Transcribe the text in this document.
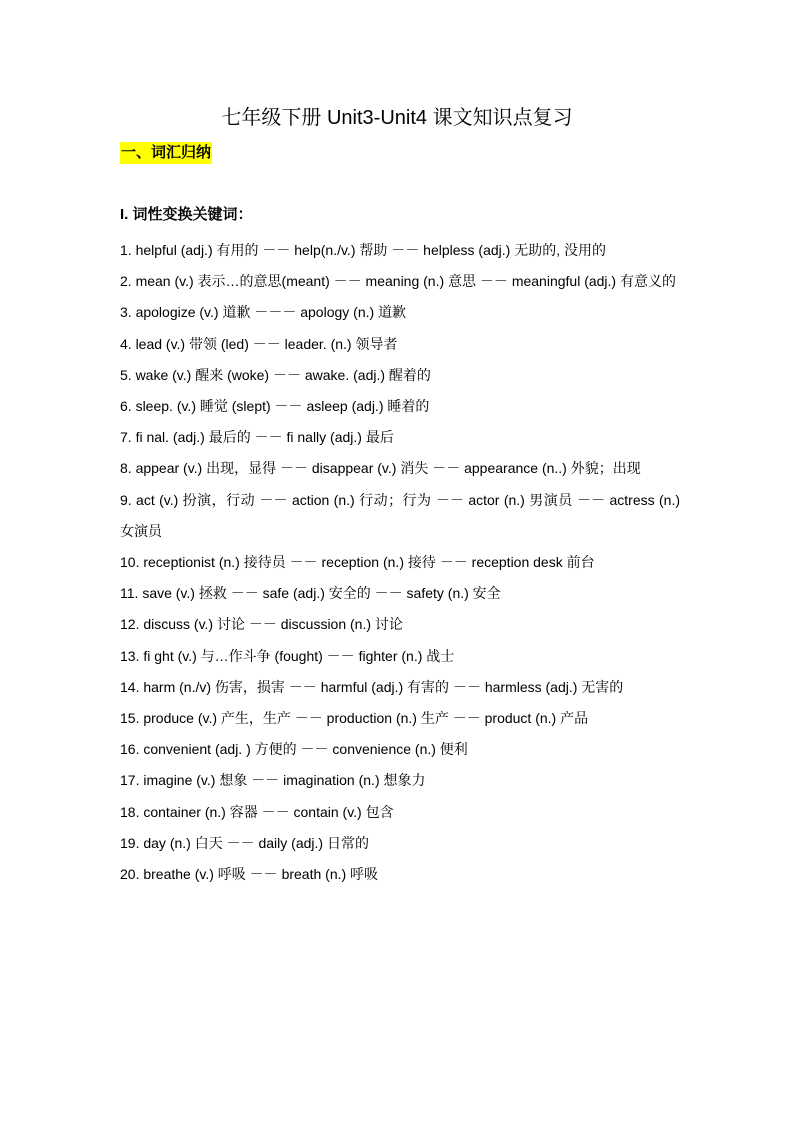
七年级下册 Unit3-Unit4 课文知识点复习
一、词汇归纳
I. 词性变换关键词：
1. helpful (adj.) 有用的 －－ help(n./v.) 帮助 －－ helpless (adj.) 无助的, 没用的
2. mean (v.) 表示…的意思(meant) －－ meaning (n.) 意思 －－ meaningful (adj.) 有意义的
3. apologize (v.) 道歉 －－－ apology (n.) 道歉
4. lead (v.) 带领 (led) －－ leader. (n.) 领导者
5. wake (v.) 醒来 (woke) －－ awake. (adj.) 醒着的
6. sleep. (v.) 睡觉 (slept) －－ asleep (adj.) 睡着的
7. fi nal. (adj.) 最后的 －－ fi nally (adj.) 最后
8. appear (v.) 出现，显得 －－ disappear (v.) 消失 －－ appearance (n..) 外貌；出现
9. act (v.) 扮演，行动 －－ action (n.) 行动；行为 －－ actor (n.) 男演员 －－ actress (n.) 女演员
10. receptionist (n.) 接待员 －－ reception (n.) 接待 －－ reception desk 前台
11. save (v.) 拯救 －－ safe (adj.) 安全的 －－ safety (n.) 安全
12. discuss (v.) 讨论 －－ discussion (n.) 讨论
13. fi ght (v.) 与…作斗争 (fought) －－ fighter (n.) 战士
14. harm (n./v) 伤害，损害 －－ harmful (adj.) 有害的 －－ harmless (adj.) 无害的
15. produce (v.) 产生，生产 －－ production (n.) 生产 －－ product (n.) 产品
16. convenient (adj. ) 方便的 －－ convenience (n.) 便利
17. imagine (v.) 想象 －－ imagination (n.) 想象力
18. container (n.) 容器 －－ contain (v.) 包含
19. day (n.) 白天 －－ daily (adj.) 日常的
20. breathe (v.) 呼吸 －－ breath (n.) 呼吸
